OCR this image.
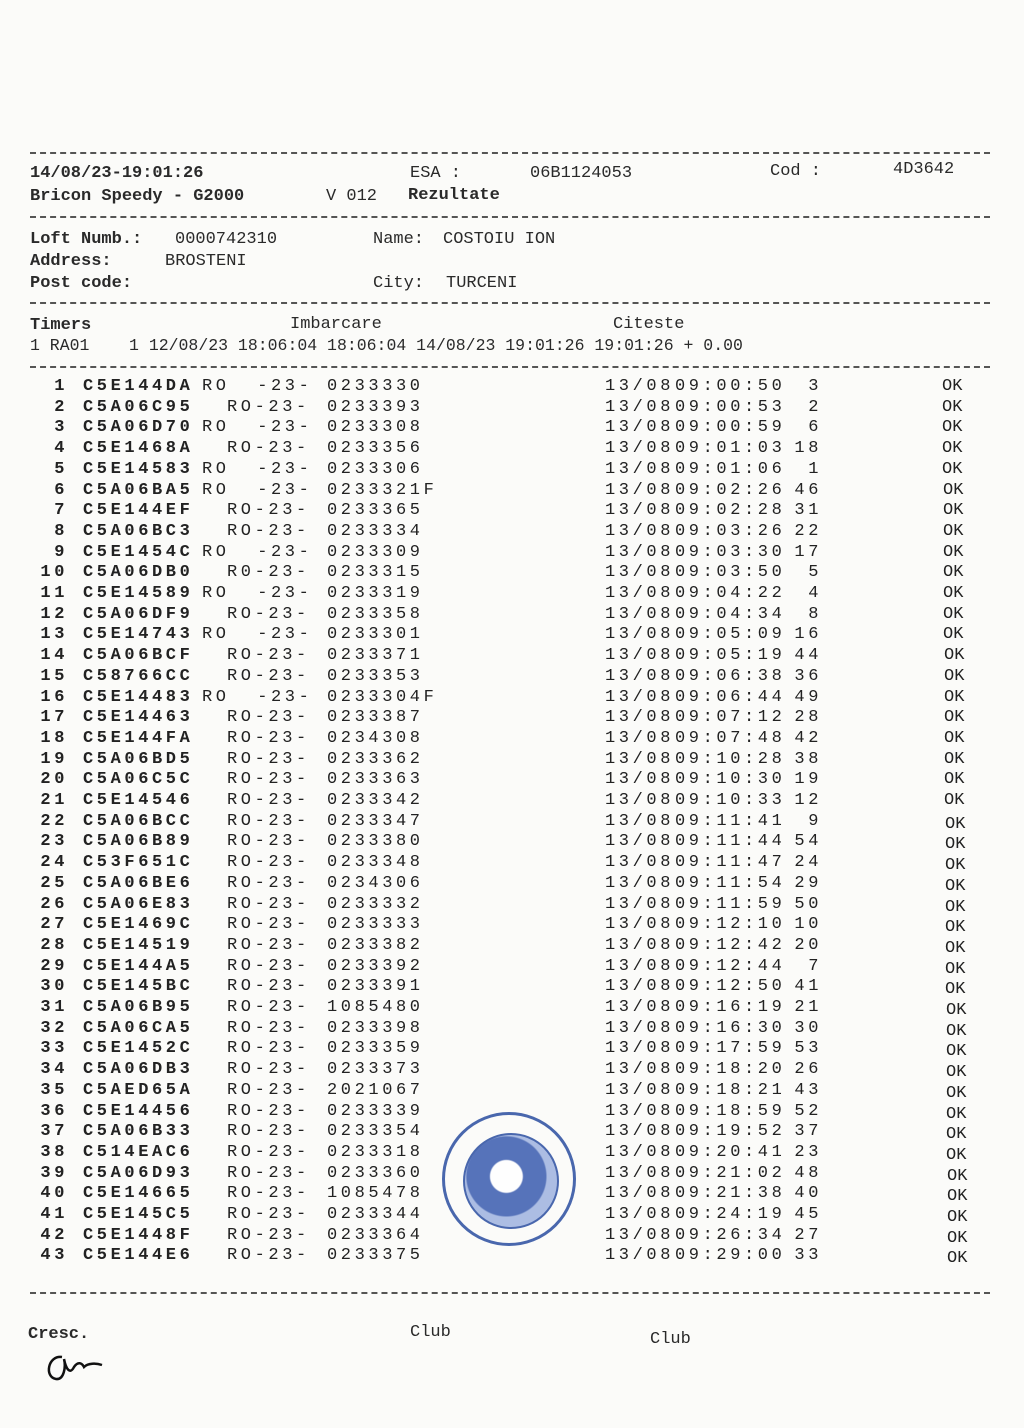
14/08/23-19:01:26	ESA :	06B1124053	Cod :	4D3642
Bricon Speedy - G2000	V 012 Rezultate
Loft Numb.: 0000742310	Name: COSTOIU ION
Address:	BROSTENI
Post code:	City: TURCENI
Timers	Imbarcare	Citeste
1 RA01    1 12/08/23 18:06:04 18:06:04 14/08/23 19:01:26 19:01:26 + 0.00
1 C5E144DA RO  -23- 0233330	13/08 09:00:50	3	OK
2 C5A06C95 RO-23- 0233393	13/08 09:00:53	2	OK
3 C5A06D70 RO  -23- 0233308	13/08 09:00:59	6	OK
4 C5E1468A RO-23- 0233356	13/08 09:01:03 18	OK
5 C5E14583 RO  -23- 0233306	13/08 09:01:06	1	OK
6 C5A06BA5 RO  -23- 0233321F	13/08 09:02:26 46	OK
7 C5E144EF RO-23- 0233365	13/08 09:02:28 31	OK
8 C5A06BC3 RO-23- 0233334	13/08 09:03:26 22	OK
9 C5E1454C RO  -23- 0233309	13/08 09:03:30 17	OK
10 C5A06DB0 R0-23- 0233315	13/08 09:03:50	5	OK
11 C5E14589 RO  -23- 0233319	13/08 09:04:22	4	OK
12 C5A06DF9 RO-23- 0233358	13/08 09:04:34	8	OK
13 C5E14743 RO  -23- 0233301	13/08 09:05:09 16	OK
14 C5A06BCF RO-23- 0233371	13/08 09:05:19 44	OK
15 C58766CC RO-23- 0233353	13/08 09:06:38 36	OK
16 C5E14483 RO  -23- 0233304F	13/08 09:06:44 49	OK
17 C5E14463 RO-23- 0233387	13/08 09:07:12 28	OK
18 C5E144FA RO-23- 0234308	13/08 09:07:48 42	OK
19 C5A06BD5 RO-23- 0233362	13/08 09:10:28 38	OK
20 C5A06C5C RO-23- 0233363	13/08 09:10:30 19	OK
21 C5E14546 RO-23- 0233342	13/08 09:10:33 12	OK
22 C5A06BCC RO-23- 0233347	13/08 09:11:41	9	OK
23 C5A06B89 RO-23- 0233380	13/08 09:11:44 54	OK
24 C53F651C RO-23- 0233348	13/08 09:11:47 24	OK
25 C5A06BE6 RO-23- 0234306	13/08 09:11:54 29	OK
26 C5A06E83 RO-23- 0233332	13/08 09:11:59 50	OK
27 C5E1469C RO-23- 0233333	13/08 09:12:10 10	OK
28 C5E14519 RO-23- 0233382	13/08 09:12:42 20	OK
29 C5E144A5 RO-23- 0233392	13/08 09:12:44	7	OK
30 C5E145BC RO-23- 0233391	13/08 09:12:50 41	OK
31 C5A06B95 RO-23- 1085480	13/08 09:16:19 21	OK
32 C5A06CA5 RO-23- 0233398	13/08 09:16:30 30	OK
33 C5E1452C RO-23- 0233359	13/08 09:17:59 53	OK
34 C5A06DB3 RO-23- 0233373	13/08 09:18:20 26	OK
35 C5AED65A RO-23- 2021067	13/08 09:18:21 43	OK
36 C5E14456 RO-23- 0233339	13/08 09:18:59 52	OK
37 C5A06B33 RO-23- 0233354	13/08 09:19:52 37	OK
38 C514EAC6 RO-23- 0233318	13/08 09:20:41 23	OK
39 C5A06D93 RO-23- 0233360	13/08 09:21:02 48	OK
40 C5E14665 RO-23- 1085478	13/08 09:21:38 40	OK
41 C5E145C5 RO-23- 0233344	13/08 09:24:19 45	OK
42 C5E1448F RO-23- 0233364	13/08 09:26:34 27	OK
43 C5E144E6 RO-23- 0233375	13/08 09:29:00 33	OK
Cresc.	Club	Club
